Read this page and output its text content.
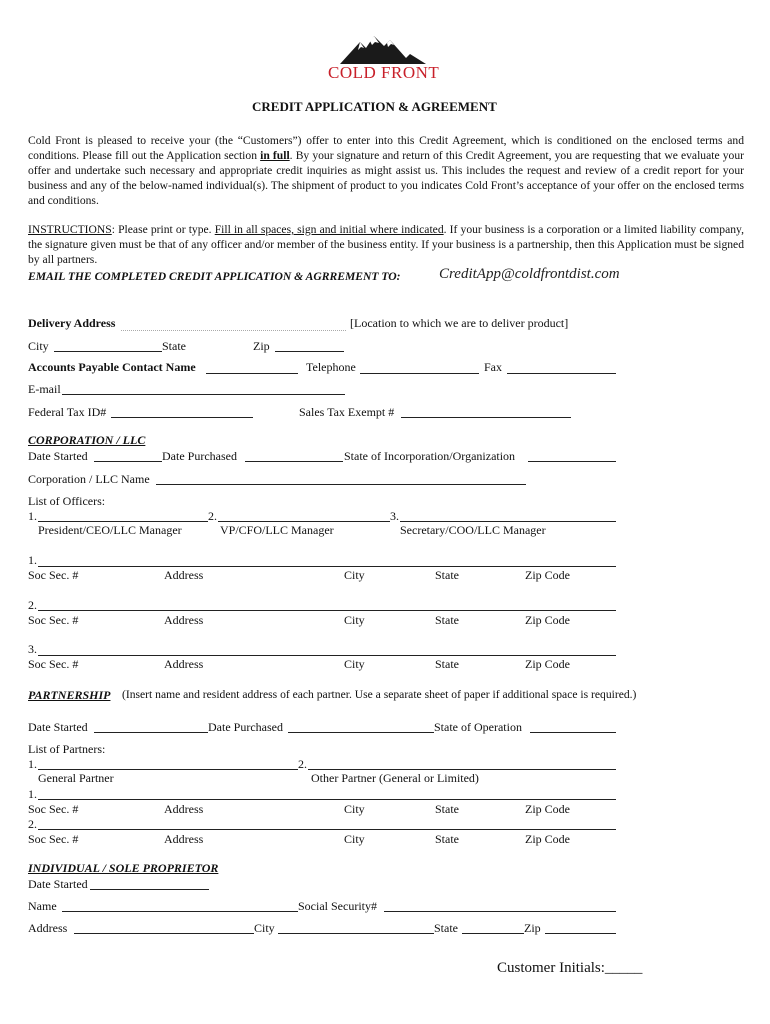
COLD FRONT
CREDIT APPLICATION & AGREEMENT
Cold Front is pleased to receive your (the “Customers”) offer to enter into this Credit Agreement, which is conditioned on the enclosed terms and conditions. Please fill out the Application section in full. By your signature and return of this Credit Agreement, you are requesting that we evaluate your offer and undertake such necessary and appropriate credit inquiries as might assist us. This includes the request and review of a credit report for your business and any of the below-named individual(s). The shipment of product to you indicates Cold Front’s acceptance of your offer on the enclosed terms and conditions.
INSTRUCTIONS: Please print or type. Fill in all spaces, sign and initial where indicated. If your business is a corporation or a limited liability company, the signature given must be that of any officer and/or member of the business entity. If your business is a partnership, then this Application must be signed by all partners.
EMAIL THE COMPLETED CREDIT APPLICATION & AGRREMENT TO:	CreditApp@coldfrontdist.com
Delivery Address	[Location to which we are to deliver product]
City	State	Zip
Accounts Payable Contact Name	Telephone	Fax
E-mail
Federal Tax ID#	Sales Tax Exempt #
CORPORATION / LLC
Date Started	Date Purchased	State of Incorporation/Organization
Corporation / LLC Name
List of Officers:
1.	2.	3.
President/CEO/LLC Manager	VP/CFO/LLC Manager	Secretary/COO/LLC Manager
1.
Soc Sec. #	Address	City	State	Zip Code
2.
Soc Sec. #	Address	City	State	Zip Code
3.
Soc Sec. #	Address	City	State	Zip Code
PARTNERSHIP (Insert name and resident address of each partner. Use a separate sheet of paper if additional space is required.)
Date Started	Date Purchased	State of Operation
List of Partners:
1.	2.
General Partner	Other Partner (General or Limited)
1.
Soc Sec. #	Address	City	State	Zip Code
2.
Soc Sec. #	Address	City	State	Zip Code
INDIVIDUAL / SOLE PROPRIETOR
Date Started
Name	Social Security#
Address	City	State	Zip
Customer Initials:_____
